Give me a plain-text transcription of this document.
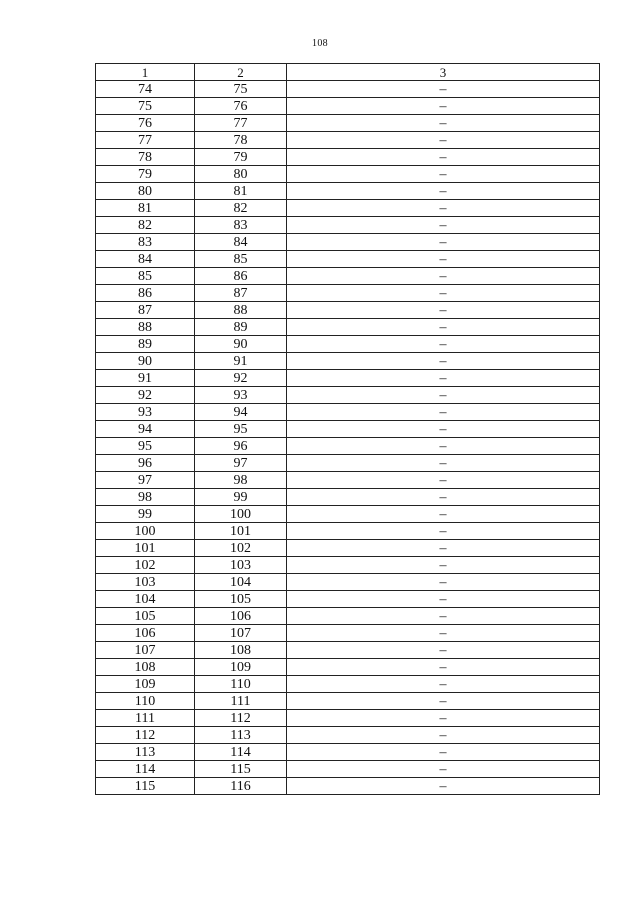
108
1	2	3
74	75	–
75	76	–
76	77	–
77	78	–
78	79	–
79	80	–
80	81	–
81	82	–
82	83	–
83	84	–
84	85	–
85	86	–
86	87	–
87	88	–
88	89	–
89	90	–
90	91	–
91	92	–
92	93	–
93	94	–
94	95	–
95	96	–
96	97	–
97	98	–
98	99	–
99	100	–
100	101	–
101	102	–
102	103	–
103	104	–
104	105	–
105	106	–
106	107	–
107	108	–
108	109	–
109	110	–
110	111	–
111	112	–
112	113	–
113	114	–
114	115	–
115	116	–
